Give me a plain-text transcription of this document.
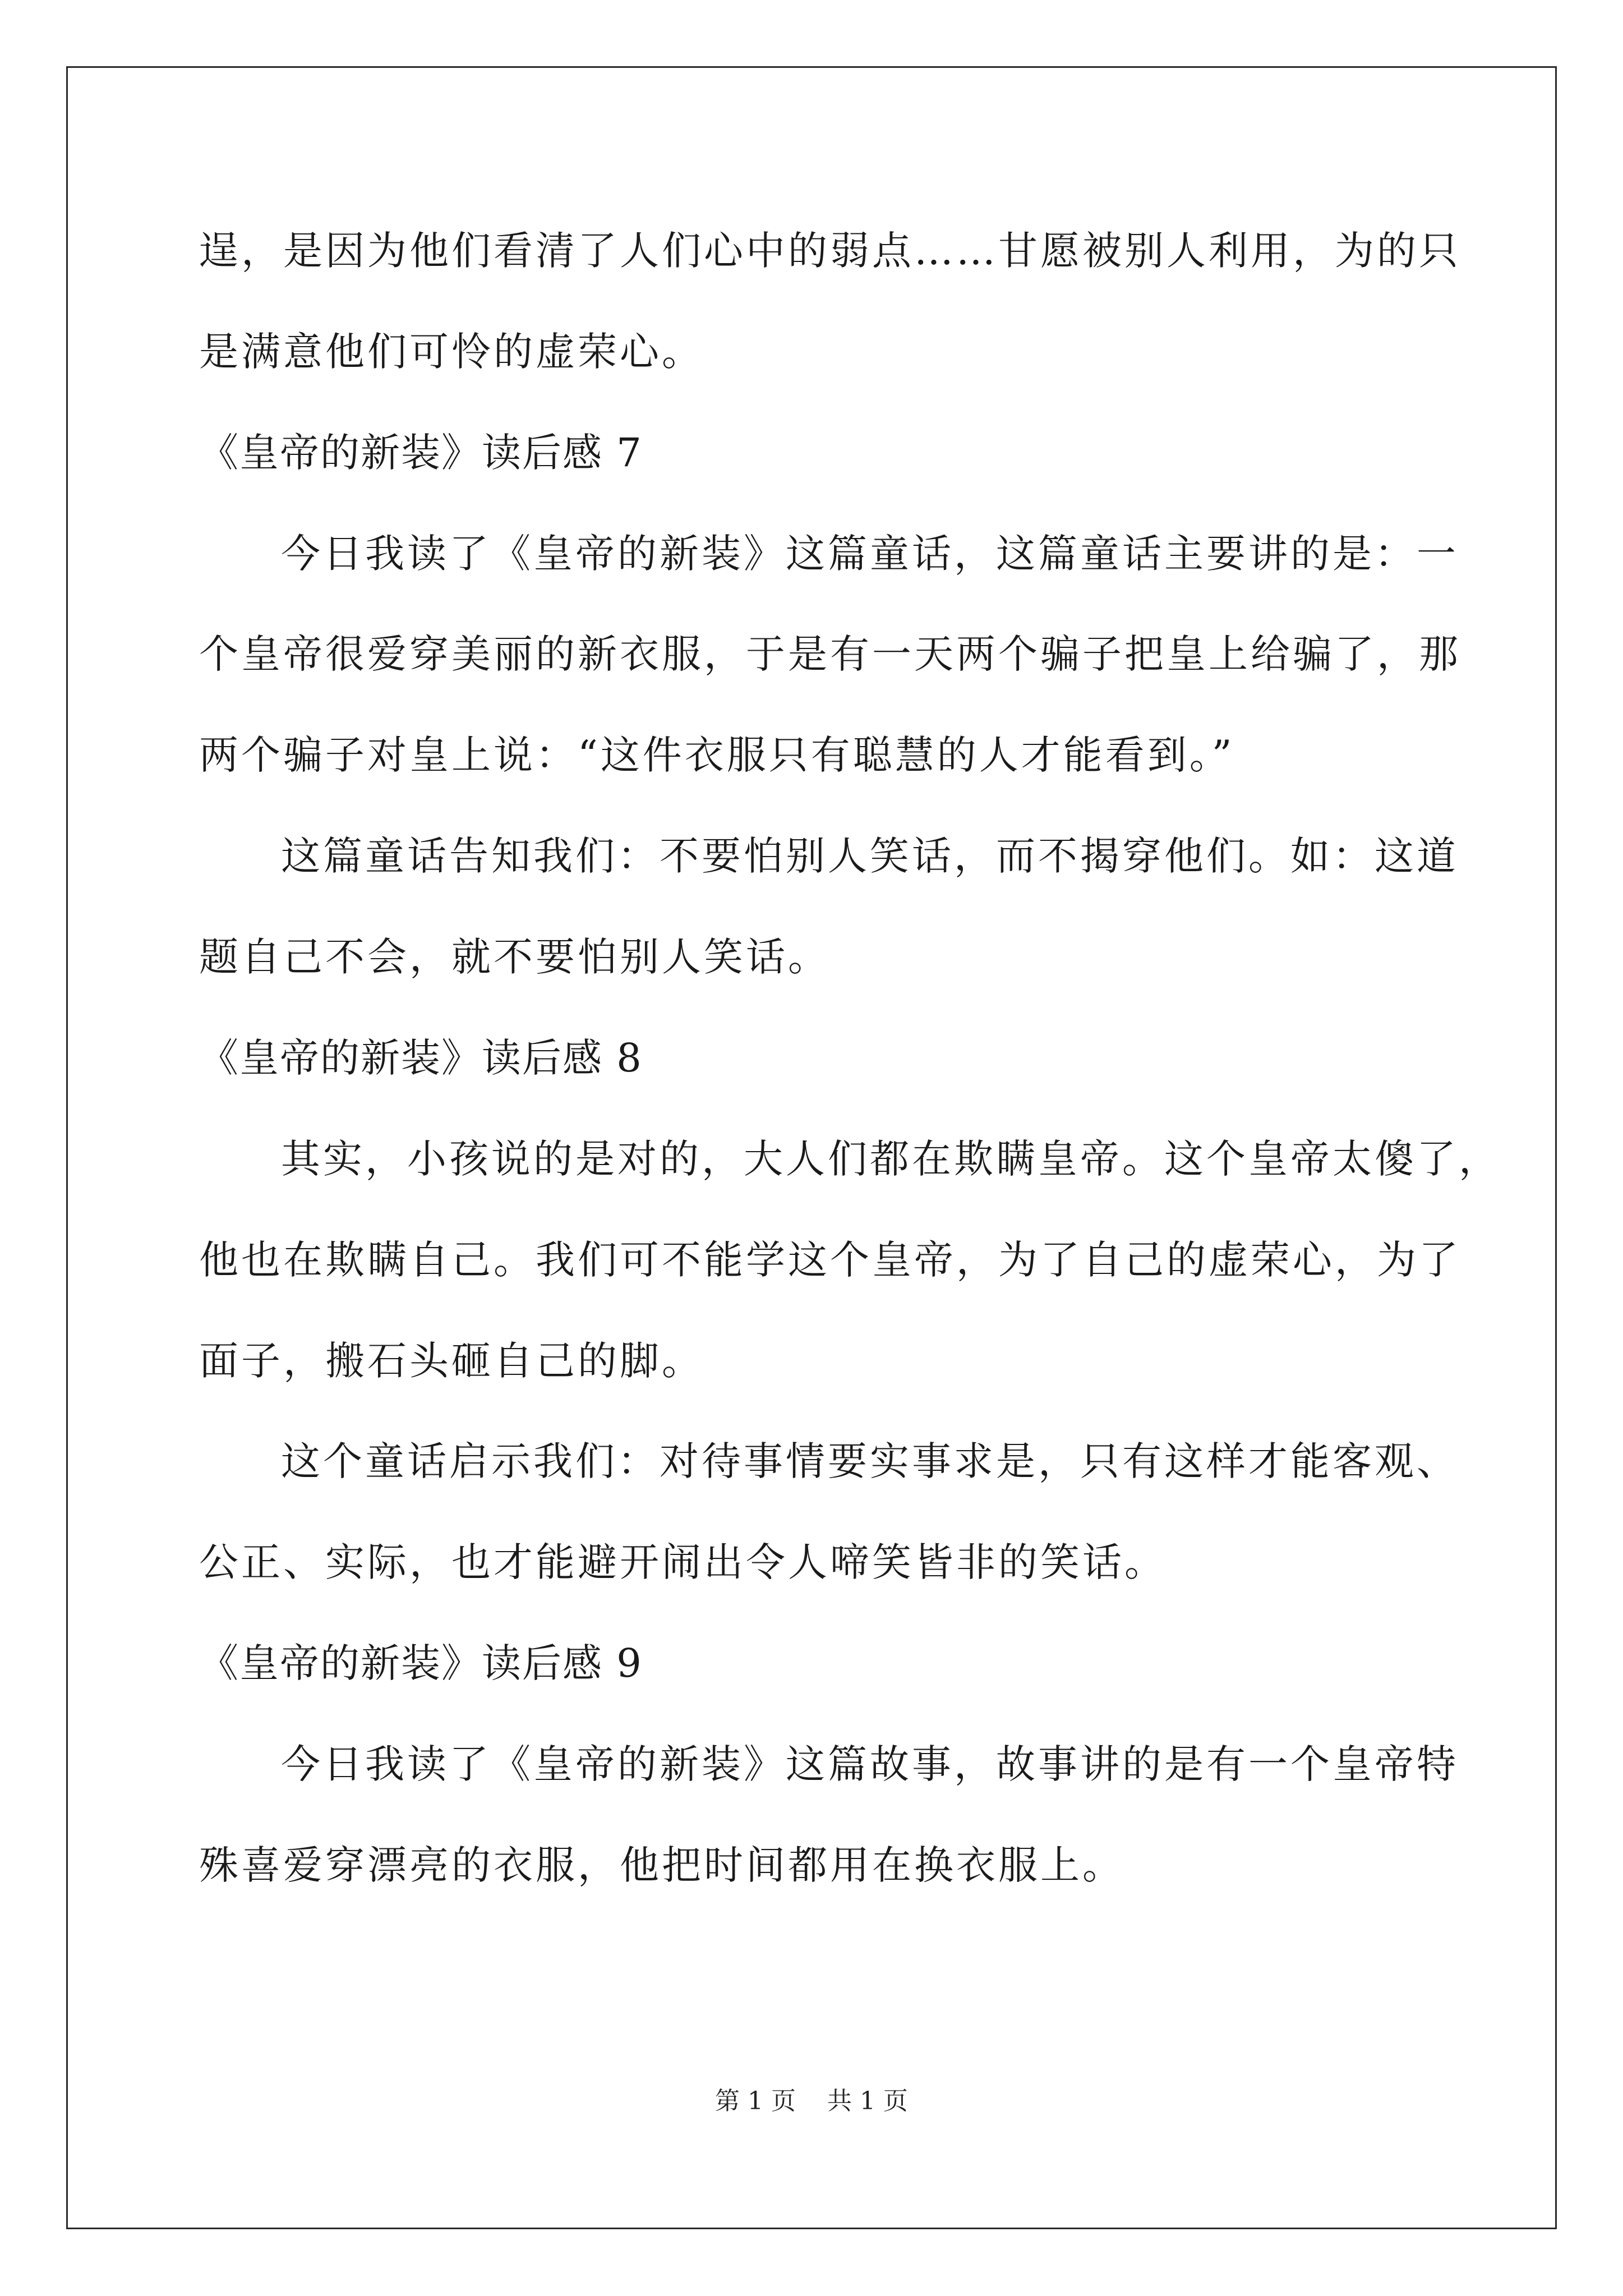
逞，是因为他们看清了人们心中的弱点……甘愿被别人利用，为的只
是满意他们可怜的虚荣心。
《皇帝的新装》读后感 7
今日我读了《皇帝的新装》这篇童话，这篇童话主要讲的是：一
个皇帝很爱穿美丽的新衣服，于是有一天两个骗子把皇上给骗了，那
两个骗子对皇上说：“这件衣服只有聪慧的人才能看到。”
这篇童话告知我们：不要怕别人笑话，而不揭穿他们。如：这道
题自己不会，就不要怕别人笑话。
《皇帝的新装》读后感 8
其实，小孩说的是对的，大人们都在欺瞒皇帝。这个皇帝太傻了，
他也在欺瞒自己。我们可不能学这个皇帝，为了自己的虚荣心，为了
面子，搬石头砸自己的脚。
这个童话启示我们：对待事情要实事求是，只有这样才能客观、
公正、实际，也才能避开闹出令人啼笑皆非的笑话。
《皇帝的新装》读后感 9
今日我读了《皇帝的新装》这篇故事，故事讲的是有一个皇帝特
殊喜爱穿漂亮的衣服，他把时间都用在换衣服上。
第 1 页    共 1 页
